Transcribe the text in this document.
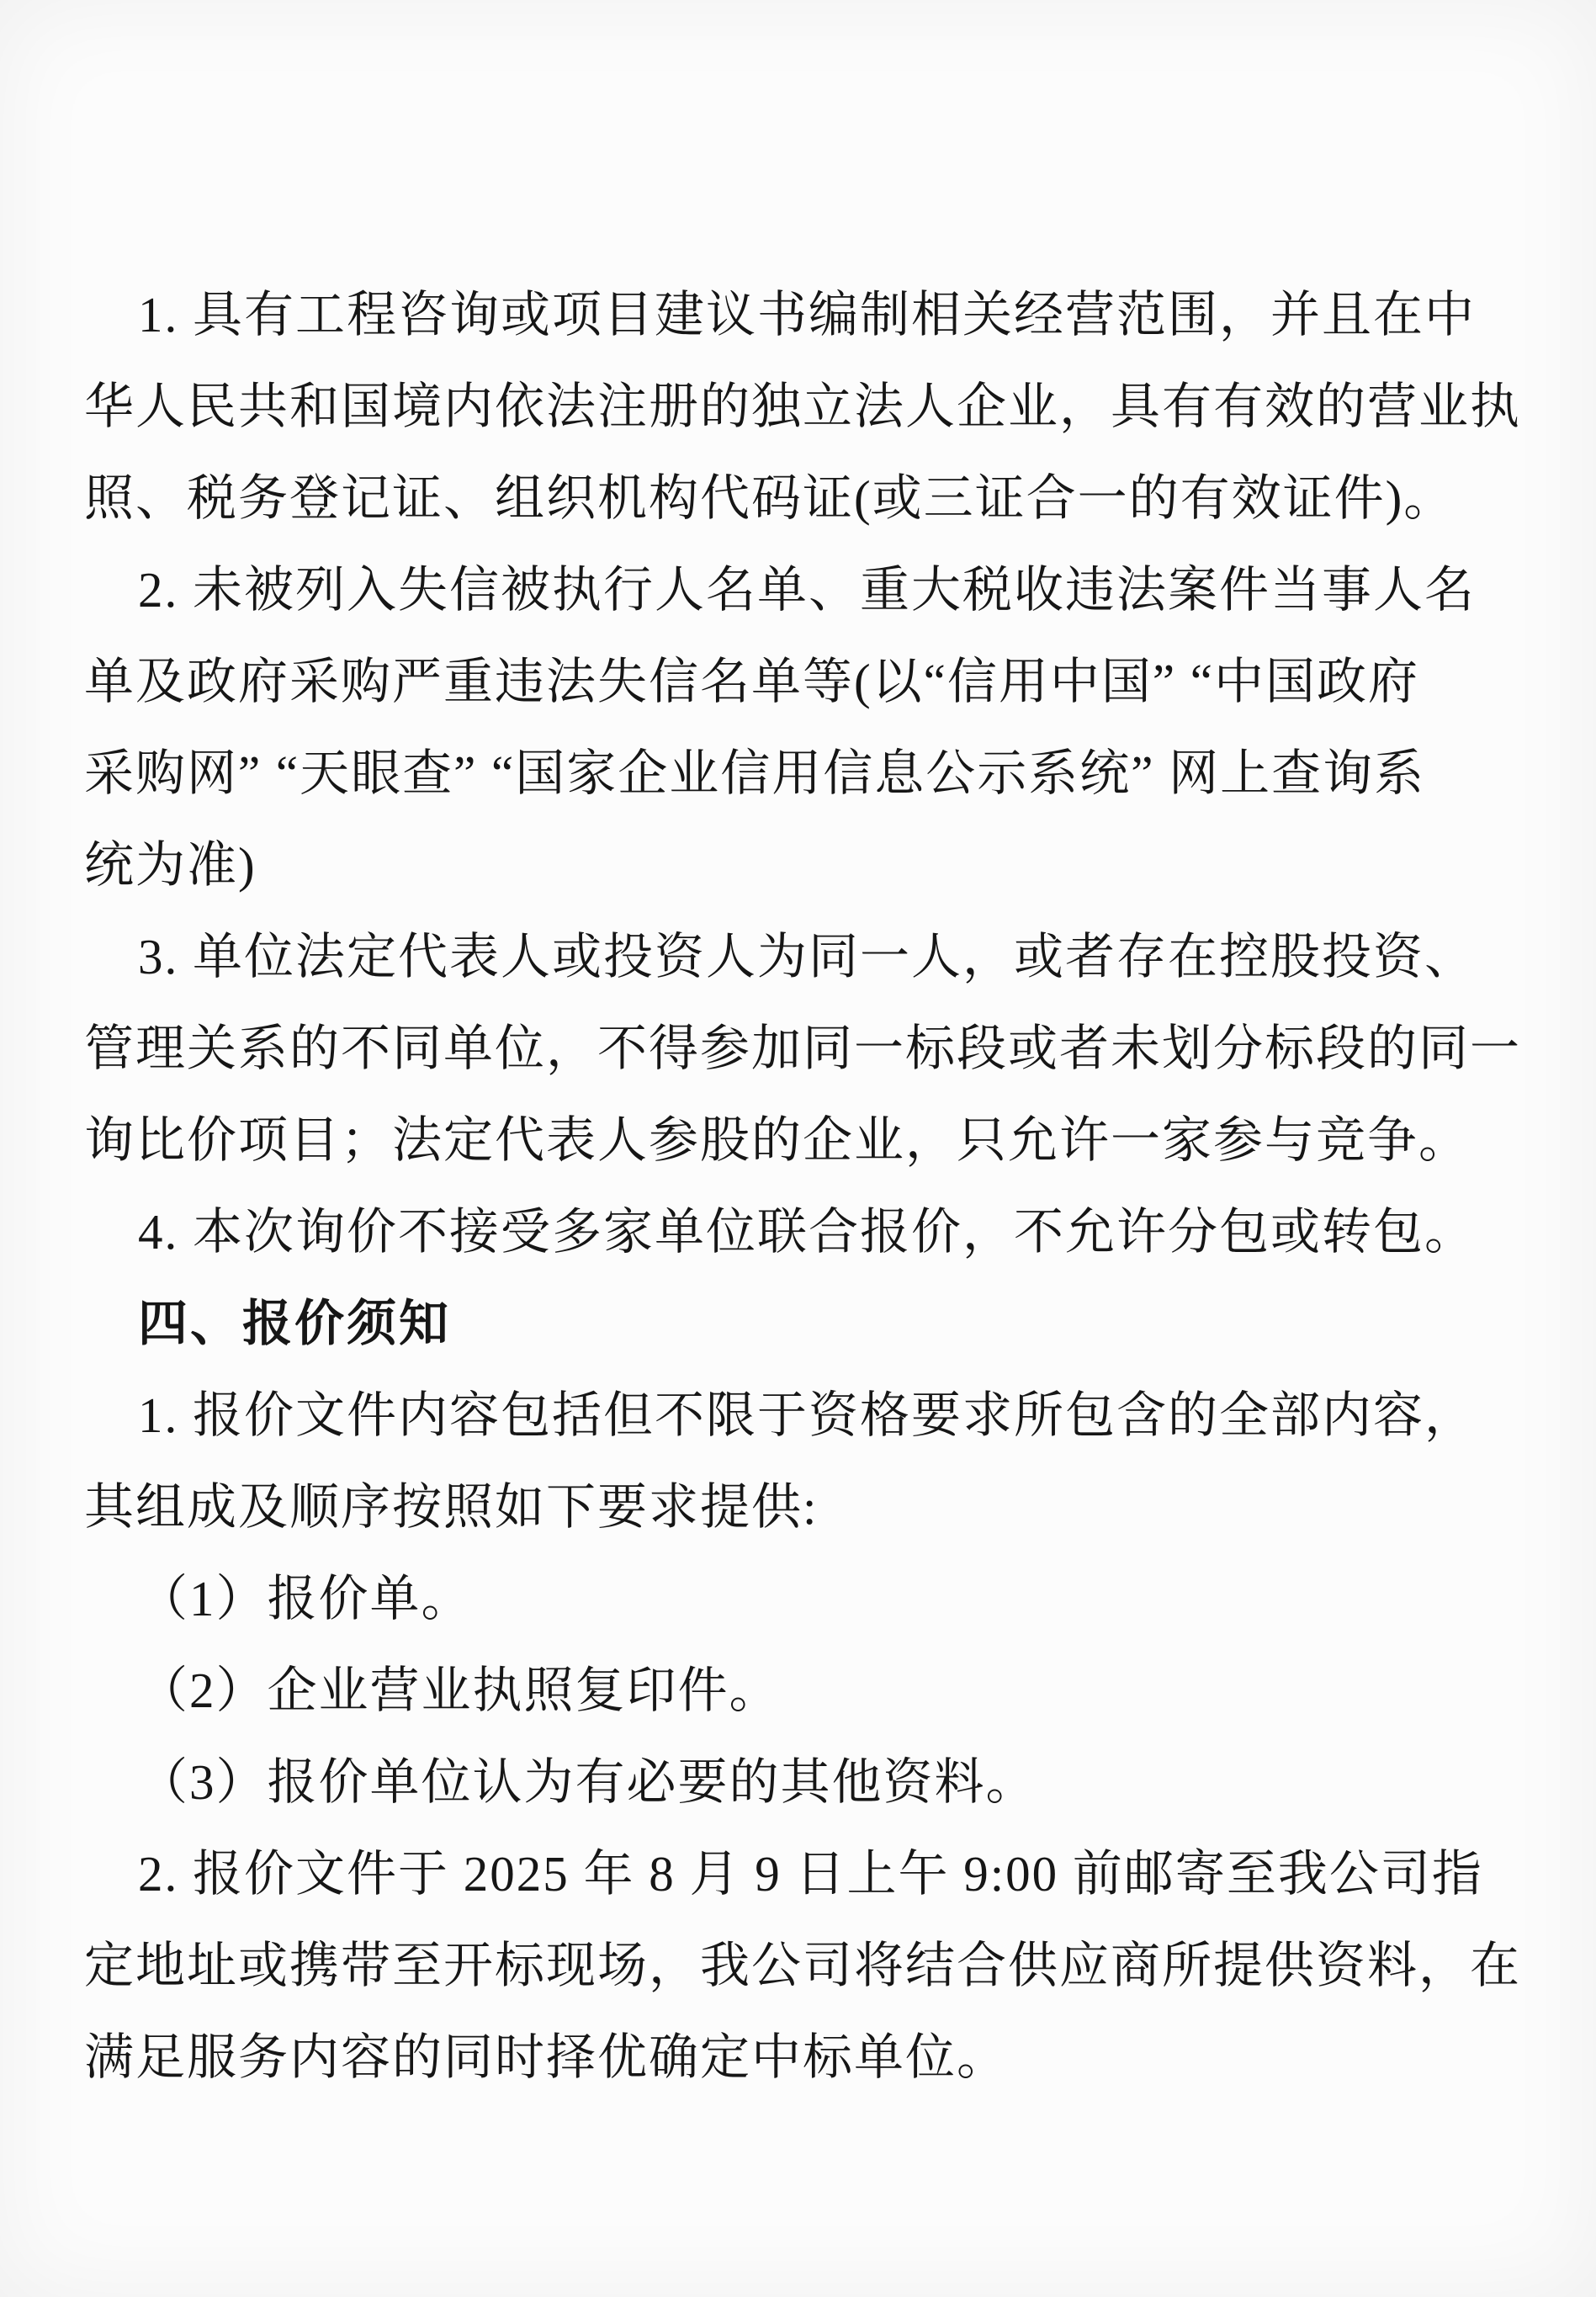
1. 具有工程咨询或项目建议书编制相关经营范围，并且在中
华人民共和国境内依法注册的独立法人企业，具有有效的营业执
照、税务登记证、组织机构代码证(或三证合一的有效证件)。
2. 未被列入失信被执行人名单、重大税收违法案件当事人名
单及政府采购严重违法失信名单等(以“信用中国” “中国政府
采购网” “天眼查” “国家企业信用信息公示系统” 网上查询系
统为准)
3. 单位法定代表人或投资人为同一人，或者存在控股投资、
管理关系的不同单位，不得参加同一标段或者未划分标段的同一
询比价项目；法定代表人参股的企业，只允许一家参与竞争。
4. 本次询价不接受多家单位联合报价，不允许分包或转包。
四、报价须知
1. 报价文件内容包括但不限于资格要求所包含的全部内容，
其组成及顺序按照如下要求提供:
（1）报价单。
（2）企业营业执照复印件。
（3）报价单位认为有必要的其他资料。
2. 报价文件于 2025 年 8 月 9 日上午 9:00 前邮寄至我公司指
定地址或携带至开标现场，我公司将结合供应商所提供资料，在
满足服务内容的同时择优确定中标单位。
